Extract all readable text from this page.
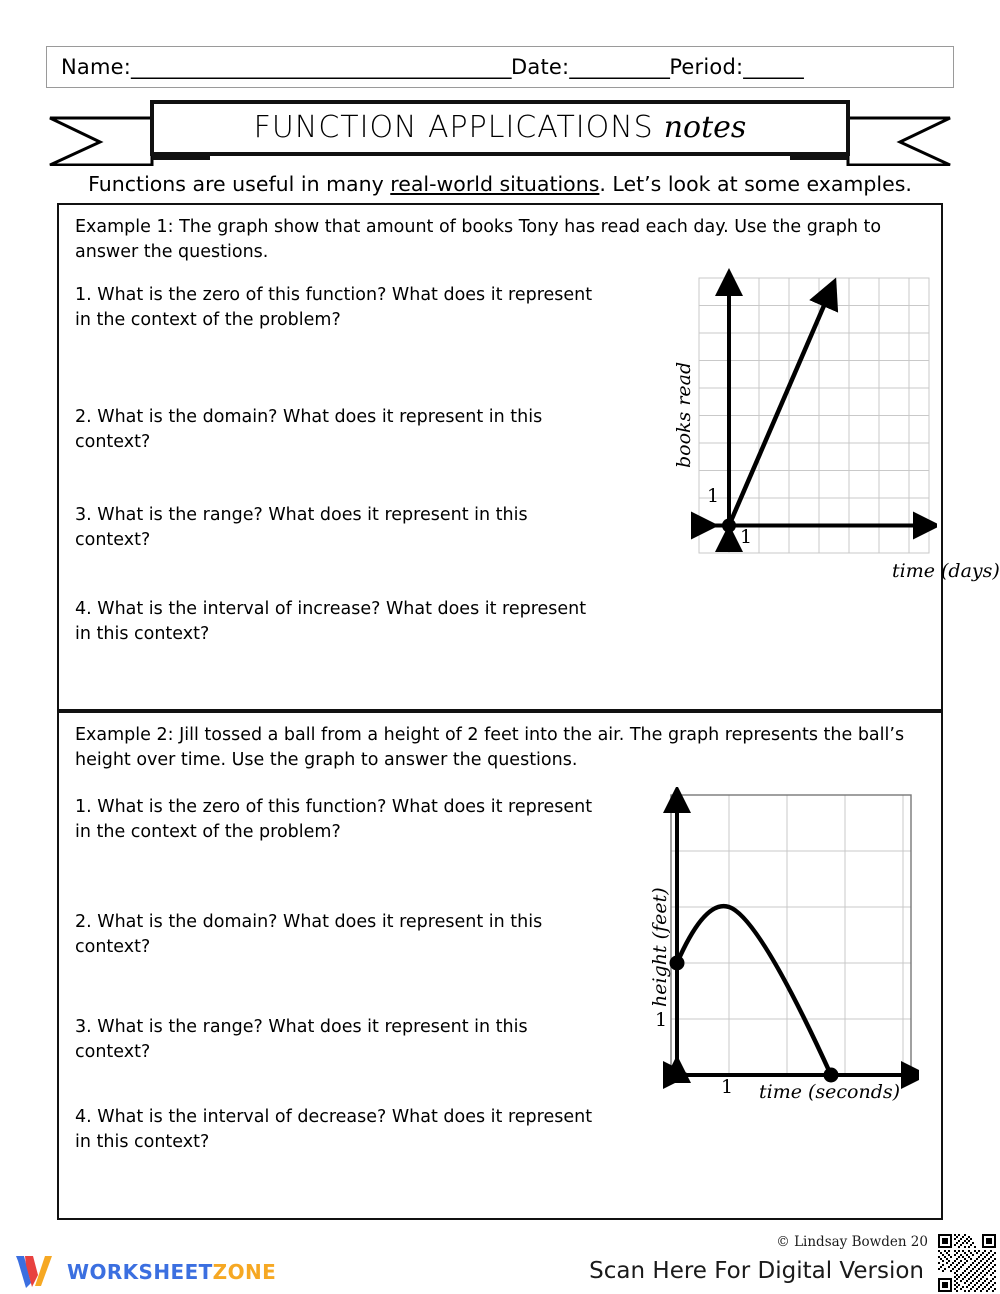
Name:______________________________________Date:__________Period:______
FUNCTION APPLICATIONS notes
Functions are useful in many real-world situations. Let’s look at some examples.
Example 1: The graph show that amount of books Tony has read each day. Use the graph to answer the questions.
1. What is the zero of this function? What does it represent in the context of the problem?
2. What is the domain? What does it represent in this context?
3. What is the range? What does it represent in this context?
4. What is the interval of increase? What does it represent in this context?
time (days)
books read
1
1
Example 2: Jill tossed a ball from a height of 2 feet into the air. The graph represents the ball’s height over time. Use the graph to answer the questions.
1. What is the zero of this function? What does it represent in the context of the problem?
2. What is the domain? What does it represent in this context?
3. What is the range? What does it represent in this context?
4. What is the interval of decrease? What does it represent in this context?
time (seconds)
height (feet)
1
1
WORKSHEETZONE
© Lindsay Bowden 20
Scan Here For Digital Version
